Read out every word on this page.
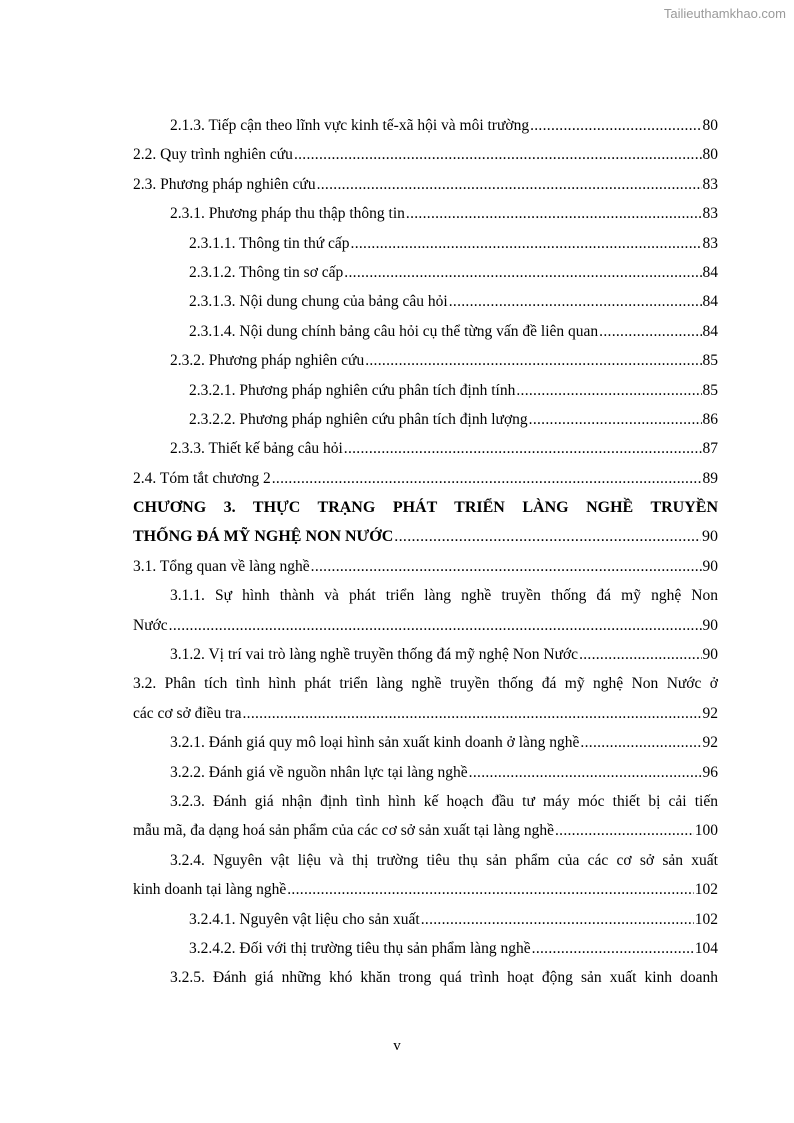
Tailieuthamkhao.com
2.1.3. Tiếp cận theo lĩnh vực kinh tế-xã hội và môi trường .....	80
2.2. Quy trình nghiên cứu .....	80
2.3. Phương pháp nghiên cứu .....	83
2.3.1. Phương pháp thu thập thông tin .....	83
2.3.1.1. Thông tin thứ cấp .....	83
2.3.1.2. Thông tin sơ cấp .....	84
2.3.1.3. Nội dung chung của bảng câu hỏi .....	84
2.3.1.4. Nội dung chính bảng câu hỏi cụ thể từng vấn đề liên quan .....	84
2.3.2. Phương pháp nghiên cứu .....	85
2.3.2.1. Phương pháp nghiên cứu phân tích định tính .....	85
2.3.2.2. Phương pháp nghiên cứu phân tích định lượng .....	86
2.3.3. Thiết kế bảng câu hỏi .....	87
2.4. Tóm tắt chương 2 .....	89
CHƯƠNG 3. THỰC TRẠNG PHÁT TRIỂN LÀNG NGHỀ TRUYỀN
THỐNG ĐÁ MỸ NGHỆ NON NƯỚC .....	90
3.1. Tổng quan về làng nghề .....	90
3.1.1. Sự hình thành và phát triển làng nghề truyền thống đá mỹ nghệ Non
Nước .....	90
3.1.2. Vị trí vai trò làng nghề truyền thống đá mỹ nghệ Non Nước .....	90
3.2. Phân tích tình hình phát triển làng nghề truyền thống đá mỹ nghệ Non Nước ở
các cơ sở điều tra .....	92
3.2.1. Đánh giá quy mô loại hình sản xuất kinh doanh ở làng nghề .....	92
3.2.2. Đánh giá về nguồn nhân lực tại làng nghề .....	96
3.2.3. Đánh giá nhận định tình hình kế hoạch đầu tư máy móc thiết bị cải tiến
mẫu mã, đa dạng hoá sản phẩm của các cơ sở sản xuất tại làng nghề .....	100
3.2.4. Nguyên vật liệu và thị trường tiêu thụ sản phẩm của các cơ sở sản xuất
kinh doanh tại làng nghề .....	102
3.2.4.1. Nguyên vật liệu cho sản xuất .....	102
3.2.4.2. Đối với thị trường tiêu thụ sản phẩm làng nghề .....	104
3.2.5. Đánh giá những khó khăn trong quá trình hoạt động sản xuất kinh doanh
v
